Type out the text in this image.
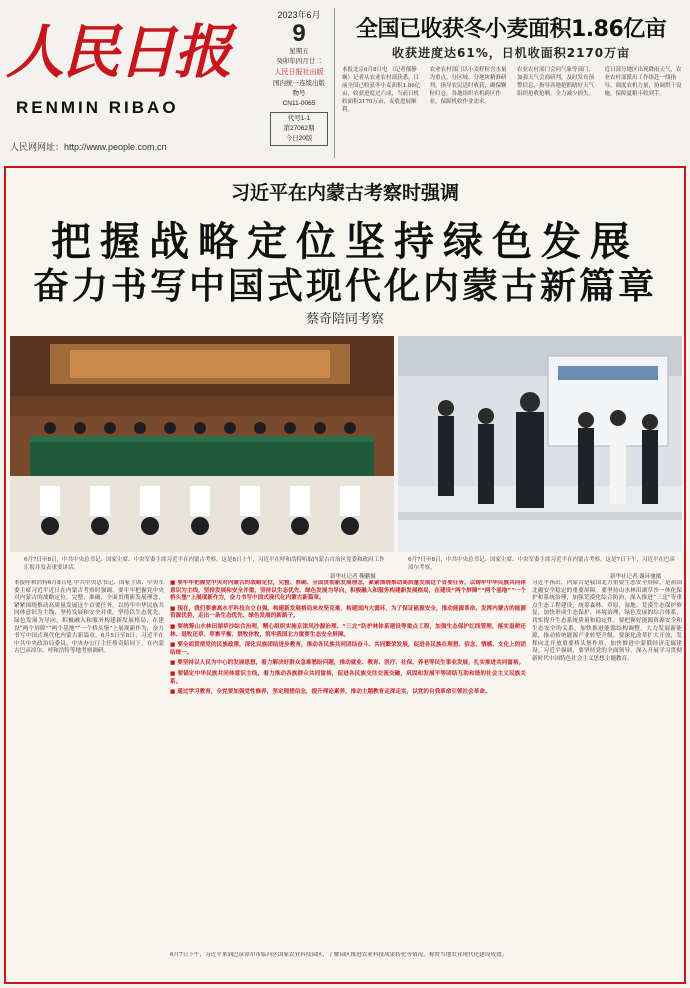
人民日报
RENMIN RIBAO
人民网网址：http://www.people.com.cn
2023年6月
9
星期五
癸卯年四月廿二
人民日报社出版
国内统一连续出版物号
CN11-0065
代号1-1
第27062期
今日20版
全国已收获冬小麦面积1.86亿亩
收获进度达61%，日机收面积2170万亩
本报北京6月8日电 （记者郁静娴）记者从农业农村部获悉，目前全国已收获冬小麦面积1.86亿亩，收获进度过六成，当前日机收面积2170万亩，麦收进展顺利。
农业农村部门以小麦籽粒含水量为重点，分区域、分地块精准研判，指导农民适时收获，确保颗粒归仓。各地组织农机跨区作业，保障机收作业需求。
农业农村部门会同气象等部门，加强天气会商研判，及时发布预警信息，指导各地抢抓晴好天气组织抢收抢晒，全力减少损失。
近日部分地区出现降雨天气，农业农村部派出工作组赴一线指导，调度农机力量，协调烘干设施，保障夏粮丰收到手。
习近平在内蒙古考察时强调
把握战略定位坚持绿色发展
奋力书写中国式现代化内蒙古新篇章
蔡奇陪同考察
6月7日至8日，中共中央总书记、国家主席、中央军委主席习近平在内蒙古考察。这是8日上午，习近平在呼和浩特听取内蒙古自治区党委和政府工作汇报并发表重要讲话。
新华社记者 鞠鹏摄
6月7日至8日，中共中央总书记、国家主席、中央军委主席习近平在内蒙古考察。这是7日下午，习近平在巴彦淖尔考察。
新华社记者 谢环驰摄
本报呼和浩特6月8日电 中共中央总书记、国家主席、中央军委主席习近平近日在内蒙古考察时强调，要牢牢把握党中央对内蒙古的战略定位，完整、准确、全面贯彻新发展理念，紧紧围绕推动高质量发展这个首要任务，以铸牢中华民族共同体意识为主线，坚持发展和安全并重，坚持以生态优先、绿色发展为导向，积极融入和服务构建新发展格局，在建设“两个屏障”“两个基地”“一个桥头堡”上展现新作为，奋力书写中国式现代化内蒙古新篇章。6月5日至8日，习近平在中共中央政治局委员、中央办公厅主任蔡奇陪同下，在内蒙古巴彦淖尔、呼和浩特等地考察调研。
■ 要牢牢把握党中央对内蒙古的战略定位，完整、准确、全面贯彻新发展理念，紧紧围绕推动高质量发展这个首要任务，以铸牢中华民族共同体意识为主线，坚持发展和安全并重，坚持以生态优先、绿色发展为导向，积极融入和服务构建新发展格局，在建设“两个屏障”“两个基地”“一个桥头堡”上展现新作为，奋力书写中国式现代化内蒙古新篇章。
■ 现在，我们要拿高水平科技自立自强，构建新发展格局来攻坚克难，构建国内大循环，为了保证能源安全，推动能源革命，发挥内蒙古的能源资源优势，走出一条生态优先、绿色发展的新路子。
■ 要统筹山水林田湖草沙综合治理，精心组织实施京津风沙源治理、“三北”防护林体系建设等重点工程，加强生态保护红线管理，落实退耕还林、退牧还草、草畜平衡、禁牧休牧，筑牢我国北方重要生态安全屏障。
■ 要全面贯彻党的民族政策，深化民族团结进步教育，推动各民族共同团结奋斗、共同繁荣发展，促进各民族在理想、信念、情感、文化上的团结统一。
■ 要坚持以人民为中心的发展思想，着力解决好群众急难愁盼问题，推动就业、教育、医疗、社保、养老等民生事业发展，扎实推进共同富裕。
■ 要锚定中华民族共同体意识主线，着力推动各族群众共同富裕，促进各民族交往交流交融，巩固和发展平等团结互助和谐的社会主义民族关系。
■ 通过学习教育，全党要加强党性修养，坚定理想信念，提升理论素养，推动主题教育走深走实，以党的自我革命引领社会革命。
6月7日下午，习近平来到巴彦淖尔市临河区国家农业科技园区，了解园区推进农业科技成果转化等情况，称赞当地农业现代化建设成效。
习近平指出，内蒙古是我国北方重要生态安全屏障，是祖国北疆安全稳定的重要屏障。要坚持山水林田湖草沙一体化保护和系统治理，加强荒漠化综合防治，深入推进“三北”等重点生态工程建设，统筹森林、草原、湿地、荒漠生态保护修复，加快形成生态保护、环境治理、绿色发展的综合体系，切实提升生态系统质量和稳定性。要把握好能源资源安全和生态安全的关系，加快推进能源结构调整，大力发展新能源，推动传统能源产业转型升级。要深化改革扩大开放，发挥向北开放重要桥头堡作用，加快推进中蒙俄经济走廊建设。习近平强调，要坚持党的全面领导，深入开展学习贯彻新时代中国特色社会主义思想主题教育。
